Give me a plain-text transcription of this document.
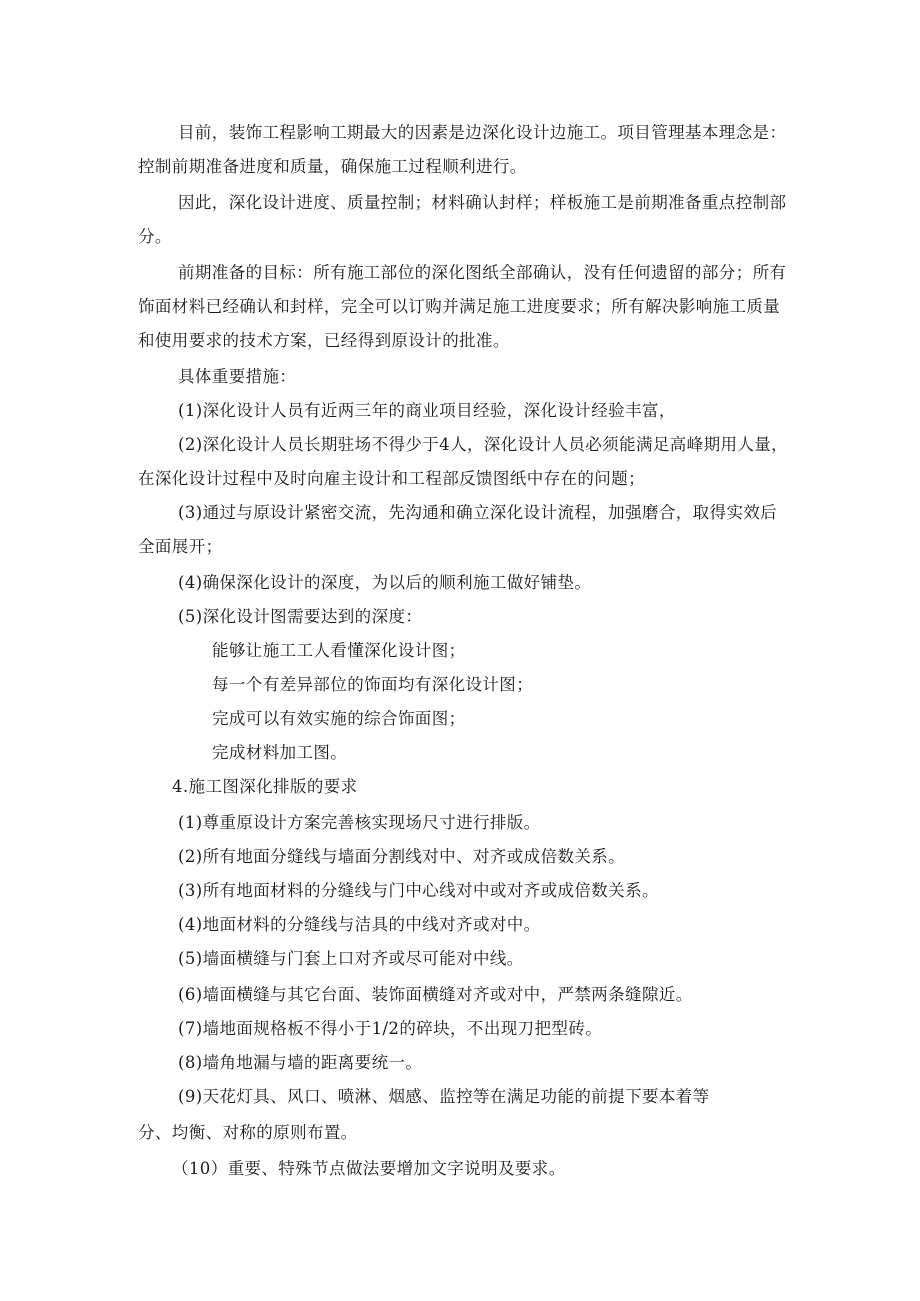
目前，装饰工程影响工期最大的因素是边深化设计边施工。项目管理基本理念是：
控制前期准备进度和质量，确保施工过程顺利进行。
因此，深化设计进度、质量控制；材料确认封样；样板施工是前期准备重点控制部
分。
前期准备的目标：所有施工部位的深化图纸全部确认，没有任何遗留的部分；所有
饰面材料已经确认和封样，完全可以订购并满足施工进度要求；所有解决影响施工质量
和使用要求的技术方案，已经得到原设计的批准。
具体重要措施：
(1)深化设计人员有近两三年的商业项目经验，深化设计经验丰富，
(2)深化设计人员长期驻场不得少于4人，深化设计人员必须能满足高峰期用人量，
在深化设计过程中及时向雇主设计和工程部反馈图纸中存在的问题；
(3)通过与原设计紧密交流，先沟通和确立深化设计流程，加强磨合，取得实效后
全面展开；
(4)确保深化设计的深度，为以后的顺利施工做好铺垫。
(5)深化设计图需要达到的深度：
能够让施工工人看懂深化设计图；
每一个有差异部位的饰面均有深化设计图；
完成可以有效实施的综合饰面图；
完成材料加工图。
4.施工图深化排版的要求
(1)尊重原设计方案完善核实现场尺寸进行排版。
(2)所有地面分缝线与墙面分割线对中、对齐或成倍数关系。
(3)所有地面材料的分缝线与门中心线对中或对齐或成倍数关系。
(4)地面材料的分缝线与洁具的中线对齐或对中。
(5)墙面横缝与门套上口对齐或尽可能对中线。
(6)墙面横缝与其它台面、装饰面横缝对齐或对中，严禁两条缝隙近。
(7)墙地面规格板不得小于1/2的碎块，不出现刀把型砖。
(8)墙角地漏与墙的距离要统一。
(9)天花灯具、风口、喷淋、烟感、监控等在满足功能的前提下要本着等
分、均衡、对称的原则布置。
（10）重要、特殊节点做法要增加文字说明及要求。
